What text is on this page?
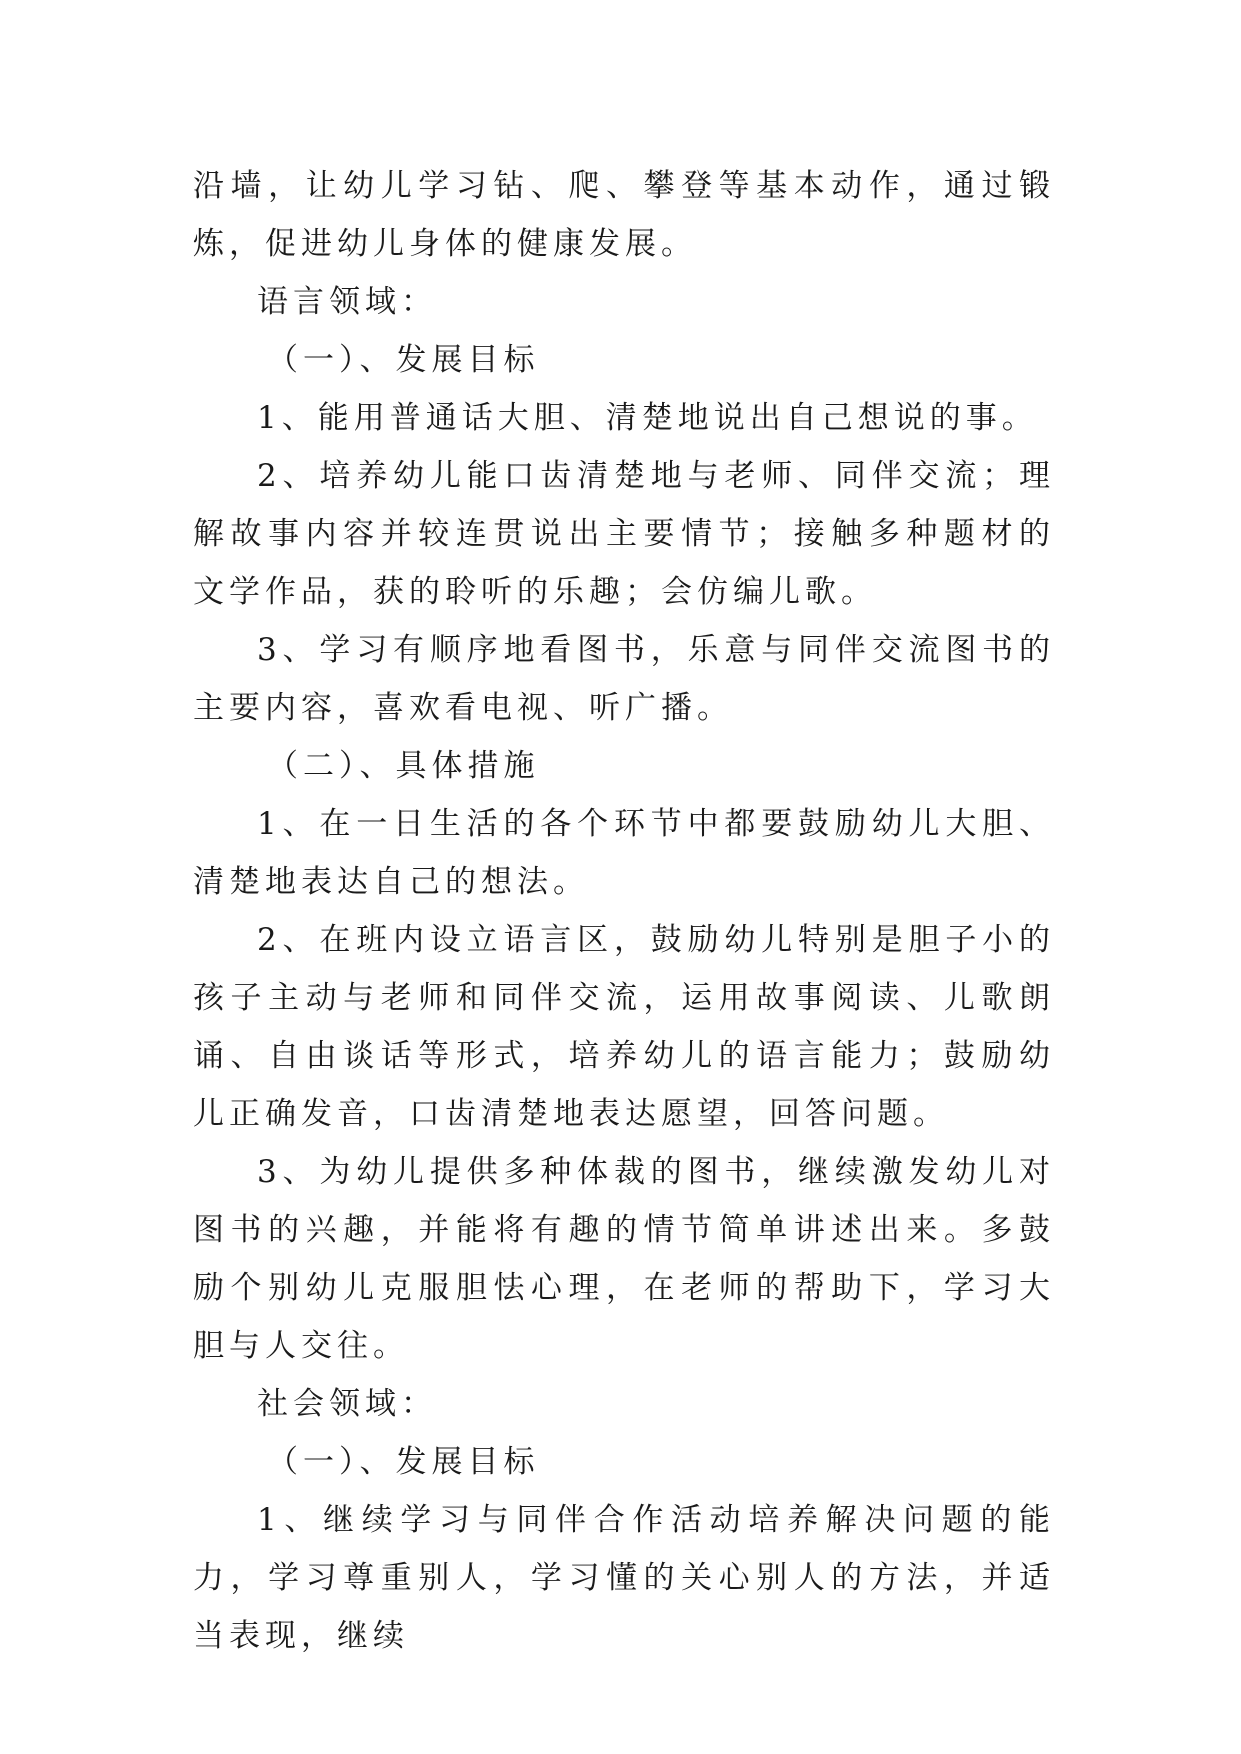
沿墙，让幼儿学习钻、爬、攀登等基本动作，通过锻炼，促进幼儿身体的健康发展。

语言领域：

（一）、发展目标

1、能用普通话大胆、清楚地说出自己想说的事。

2、培养幼儿能口齿清楚地与老师、同伴交流；理解故事内容并较连贯说出主要情节；接触多种题材的文学作品，获的聆听的乐趣；会仿编儿歌。

3、学习有顺序地看图书，乐意与同伴交流图书的主要内容，喜欢看电视、听广播。

（二）、具体措施

1、在一日生活的各个环节中都要鼓励幼儿大胆、清楚地表达自己的想法。

2、在班内设立语言区，鼓励幼儿特别是胆子小的孩子主动与老师和同伴交流，运用故事阅读、儿歌朗诵、自由谈话等形式，培养幼儿的语言能力；鼓励幼儿正确发音，口齿清楚地表达愿望，回答问题。

3、为幼儿提供多种体裁的图书，继续激发幼儿对图书的兴趣，并能将有趣的情节简单讲述出来。多鼓励个别幼儿克服胆怯心理，在老师的帮助下，学习大胆与人交往。

社会领域：

（一）、发展目标

1、继续学习与同伴合作活动培养解决问题的能力，学习尊重别人，学习懂的关心别人的方法，并适当表现，继续
